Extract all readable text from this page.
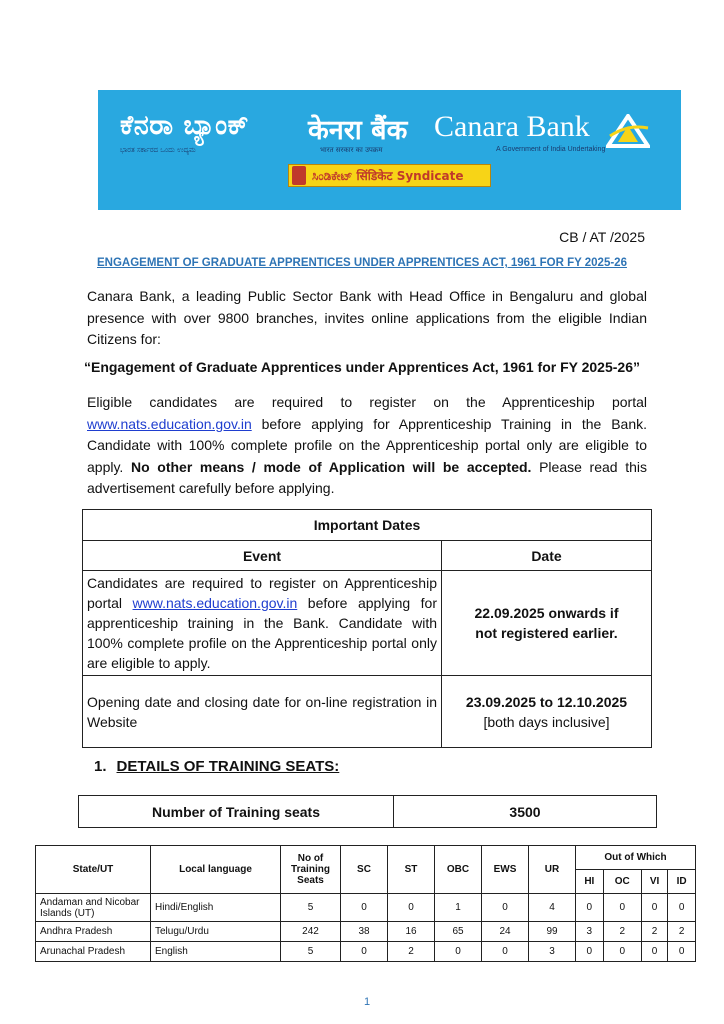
ಕೆನರಾ ಬ್ಯಾಂಕ್
ಭಾರತ ಸರ್ಕಾರದ ಒಂದು ಉದ್ಯಮ
केनरा बैंक
भारत सरकार का उपक्रम
Canara Bank
A Government of India Undertaking
ಸಿಂಡಿಕೇಟ್ सिंडिकेट Syndicate
CB / AT /2025
ENGAGEMENT OF GRADUATE APPRENTICES UNDER APPRENTICES ACT, 1961 FOR FY 2025-26

Canara Bank, a leading Public Sector Bank with Head Office in Bengaluru and global presence with over 9800 branches, invites online applications from the eligible Indian Citizens for:

“Engagement of Graduate Apprentices under Apprentices Act, 1961 for FY 2025-26”

Eligible candidates are required to register on the Apprenticeship portal www.nats.education.gov.in before applying for Apprenticeship Training in the Bank. Candidate with 100% complete profile on the Apprenticeship portal only are eligible to apply. No other means / mode of Application will be accepted. Please read this advertisement carefully before applying.

Important Dates	
Event	Date
Candidates are required to register on Apprenticeship portal www.nats.education.gov.in before applying for apprenticeship training in the Bank. Candidate with 100% complete profile on the Apprenticeship portal only are eligible to apply.	22.09.2025 onwards if not registered earlier.
Opening date and closing date for on-line registration in Website	23.09.2025 to 12.10.2025
[both days inclusive]
1. DETAILS OF TRAINING SEATS:
Number of Training seats	3500
State/UT	Local language	No of Training Seats	SC	ST	OBC	EWS	UR	Out of Which			
								HI	OC	VI	ID
Andaman and Nicobar Islands (UT)	Hindi/English	5	0	0	1	0	4	0	0	0	0
Andhra Pradesh	Telugu/Urdu	242	38	16	65	24	99	3	2	2	2
Arunachal Pradesh	English	5	0	2	0	0	3	0	0	0	0
1
